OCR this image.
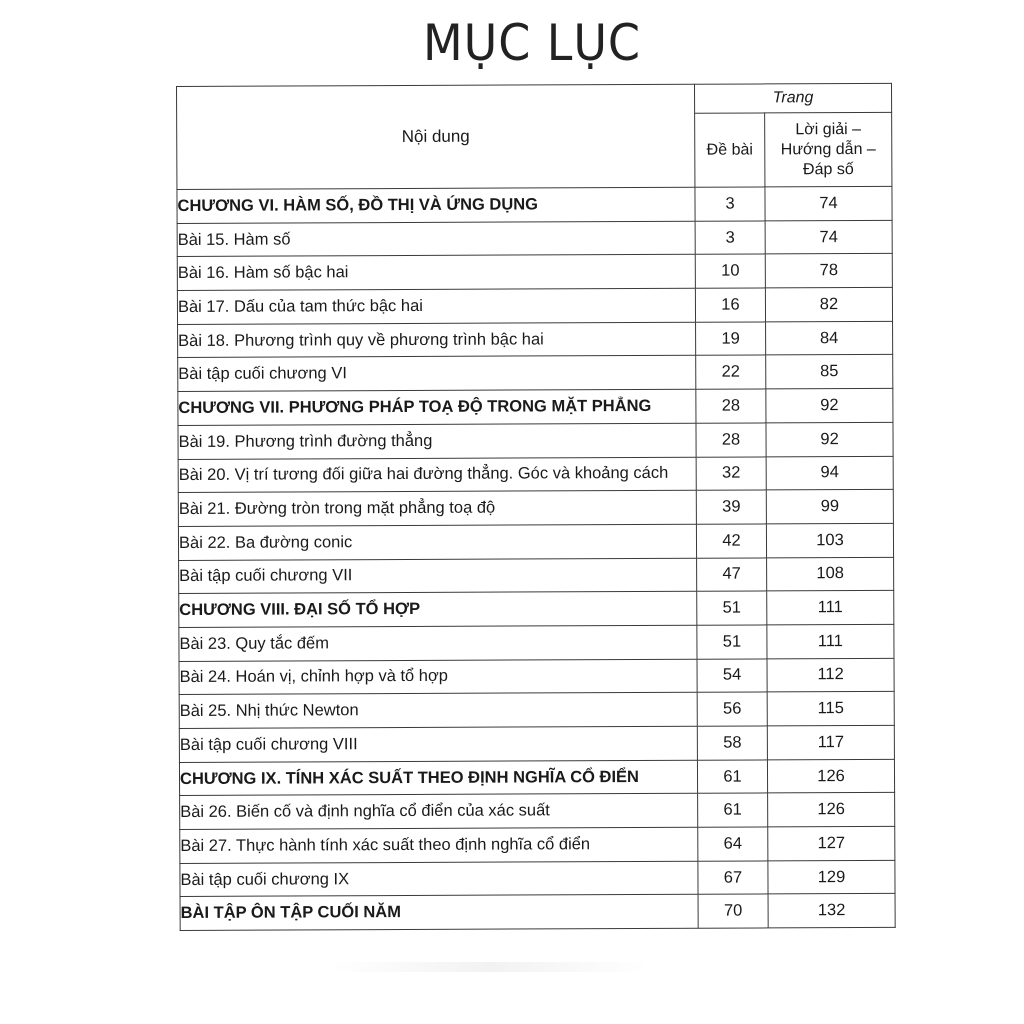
MỤC LỤC
Nội dung	Trang	
	Đề bài	Lời giải –
Hướng dẫn –
Đáp số

CHƯƠNG VI. HÀM SỐ, ĐỒ THỊ VÀ ỨNG DỤNG	3	74
Bài 15. Hàm số	3	74
Bài 16. Hàm số bậc hai	10	78
Bài 17. Dấu của tam thức bậc hai	16	82
Bài 18. Phương trình quy về phương trình bậc hai	19	84
Bài tập cuối chương VI	22	85
CHƯƠNG VII. PHƯƠNG PHÁP TOẠ ĐỘ TRONG MẶT PHẲNG	28	92
Bài 19. Phương trình đường thẳng	28	92
Bài 20. Vị trí tương đối giữa hai đường thẳng. Góc và khoảng cách	32	94
Bài 21. Đường tròn trong mặt phẳng toạ độ	39	99
Bài 22. Ba đường conic	42	103
Bài tập cuối chương VII	47	108
CHƯƠNG VIII. ĐẠI SỐ TỔ HỢP	51	111
Bài 23. Quy tắc đếm	51	111
Bài 24. Hoán vị, chỉnh hợp và tổ hợp	54	112
Bài 25. Nhị thức Newton	56	115
Bài tập cuối chương VIII	58	117
CHƯƠNG IX. TÍNH XÁC SUẤT THEO ĐỊNH NGHĨA CỔ ĐIỂN	61	126
Bài 26. Biến cố và định nghĩa cổ điển của xác suất	61	126
Bài 27. Thực hành tính xác suất theo định nghĩa cổ điển	64	127
Bài tập cuối chương IX	67	129
BÀI TẬP ÔN TẬP CUỐI NĂM	70	132
